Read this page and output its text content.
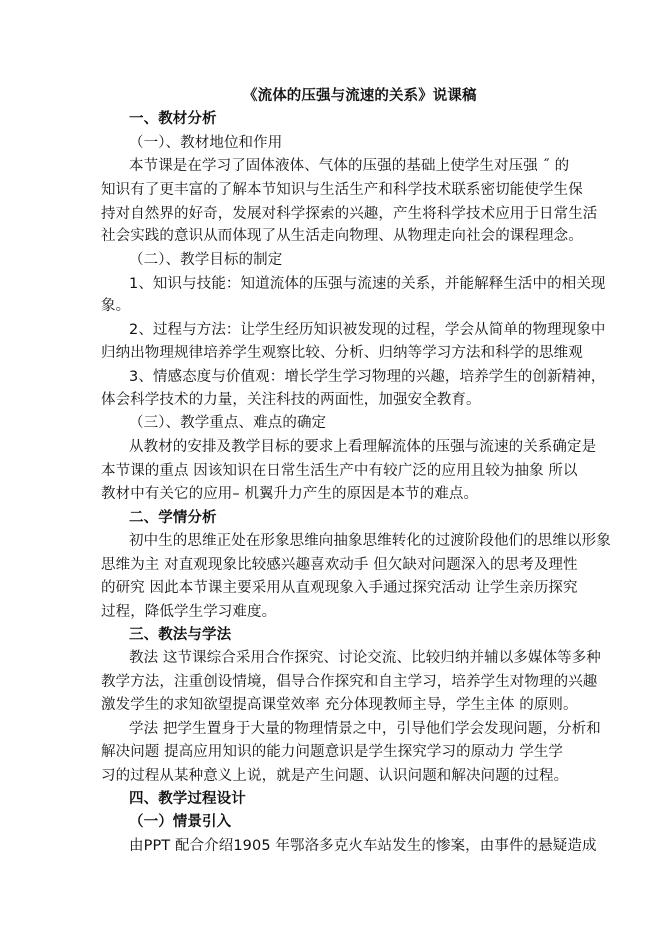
《流体的压强与流速的关系》说课稿
一、教材分析
（一）、教材地位和作用
本节课是在学习了固体液体、气体的压强的基础上使学生对压强 ˝ 的
知识有了更丰富的了解本节知识与生活生产和科学技术联系密切能使学生保
持对自然界的好奇，发展对科学探索的兴趣，产生将科学技术应用于日常生活
社会实践的意识从而体现了从生活走向物理、从物理走向社会的课程理念。
（二）、教学目标的制定
1、知识与技能：知道流体的压强与流速的关系，并能解释生活中的相关现
象。
2、过程与方法：让学生经历知识被发现的过程，学会从简单的物理现象中
归纳出物理规律培养学生观察比较、分析、归纳等学习方法和科学的思维观
3、情感态度与价值观：增长学生学习物理的兴趣，培养学生的创新精神，
体会科学技术的力量，关注科技的两面性，加强安全教育。
（三）、教学重点、难点的确定
从教材的安排及教学目标的要求上看理解流体的压强与流速的关系确定是
本节课的重点 因该知识在日常生活生产中有较广泛的应用且较为抽象 所以
教材中有关它的应用– 机翼升力产生的原因是本节的难点。
二、学情分析
初中生的思维正处在形象思维向抽象思维转化的过渡阶段他们的思维以形象
思维为主 对直观现象比较感兴趣喜欢动手 但欠缺对问题深入的思考及理性
的研究 因此本节课主要采用从直观现象入手通过探究活动 让学生亲历探究
过程，降低学生学习难度。
三、教法与学法
教法 这节课综合采用合作探究、讨论交流、比较归纳并辅以多媒体等多种
教学方法，注重创设情境，倡导合作探究和自主学习，培养学生对物理的兴趣
激发学生的求知欲望提高课堂效率 充分体现教师主导，学生主体 的原则。
学法 把学生置身于大量的物理情景之中，引导他们学会发现问题，分析和
解决问题 提高应用知识的能力问题意识是学生探究学习的原动力 学生学
习的过程从某种意义上说，就是产生问题、认识问题和解决问题的过程。
四、教学过程设计
（一）情景引入
由PPT 配合介绍1905 年鄂洛多克火车站发生的惨案，由事件的悬疑造成
